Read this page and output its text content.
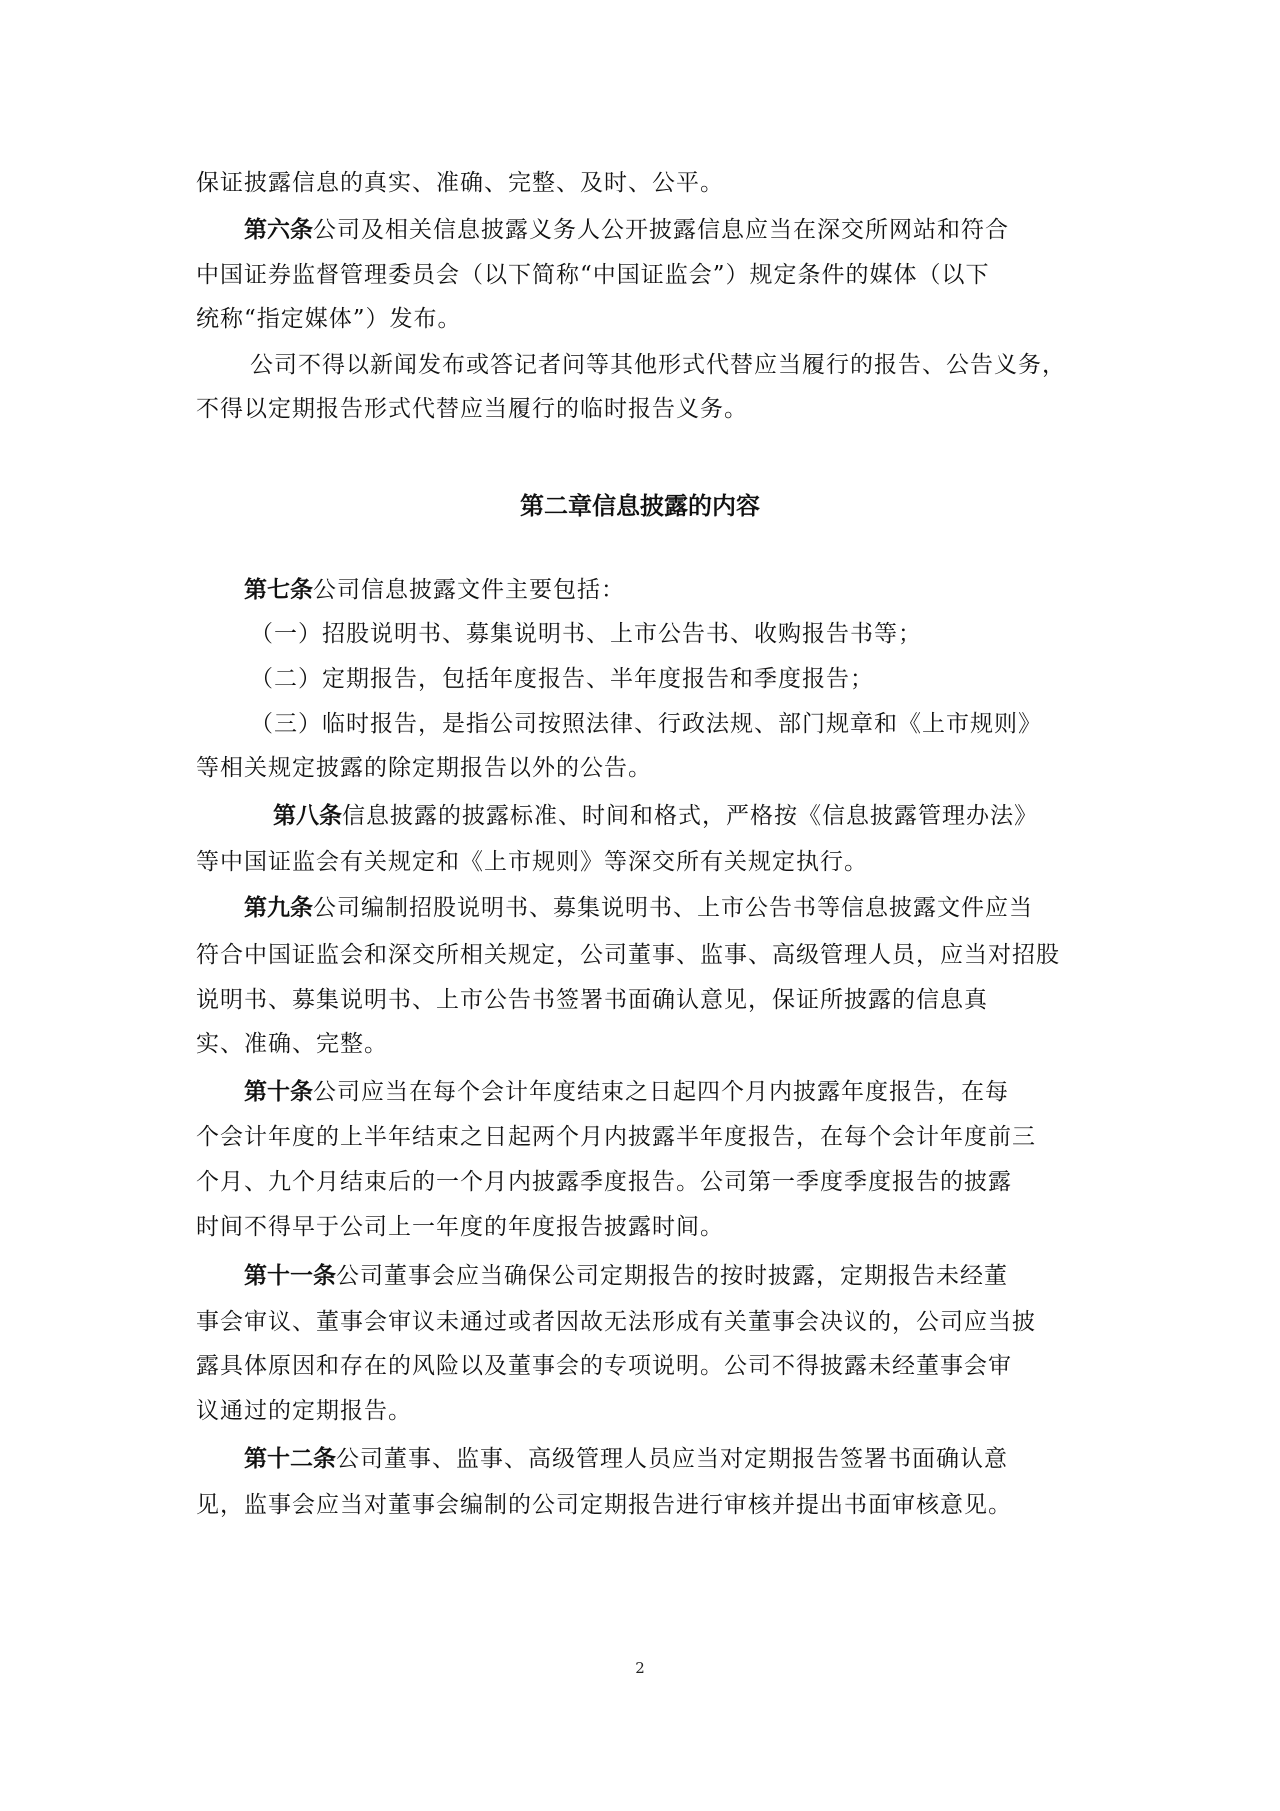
保证披露信息的真实、准确、完整、及时、公平。
第六条公司及相关信息披露义务人公开披露信息应当在深交所网站和符合
中国证券监督管理委员会（以下简称“中国证监会”）规定条件的媒体（以下
统称“指定媒体”）发布。
公司不得以新闻发布或答记者问等其他形式代替应当履行的报告、公告义务，
不得以定期报告形式代替应当履行的临时报告义务。
第二章信息披露的内容
第七条公司信息披露文件主要包括：
（一）招股说明书、募集说明书、上市公告书、收购报告书等；
（二）定期报告，包括年度报告、半年度报告和季度报告；
（三）临时报告，是指公司按照法律、行政法规、部门规章和《上市规则》
等相关规定披露的除定期报告以外的公告。
第八条信息披露的披露标准、时间和格式，严格按《信息披露管理办法》
等中国证监会有关规定和《上市规则》等深交所有关规定执行。
第九条公司编制招股说明书、募集说明书、上市公告书等信息披露文件应当
符合中国证监会和深交所相关规定，公司董事、监事、高级管理人员，应当对招股
说明书、募集说明书、上市公告书签署书面确认意见，保证所披露的信息真
实、准确、完整。
第十条公司应当在每个会计年度结束之日起四个月内披露年度报告，在每
个会计年度的上半年结束之日起两个月内披露半年度报告，在每个会计年度前三
个月、九个月结束后的一个月内披露季度报告。公司第一季度季度报告的披露
时间不得早于公司上一年度的年度报告披露时间。
第十一条公司董事会应当确保公司定期报告的按时披露，定期报告未经董
事会审议、董事会审议未通过或者因故无法形成有关董事会决议的，公司应当披
露具体原因和存在的风险以及董事会的专项说明。公司不得披露未经董事会审
议通过的定期报告。
第十二条公司董事、监事、高级管理人员应当对定期报告签署书面确认意
见，监事会应当对董事会编制的公司定期报告进行审核并提出书面审核意见。
2
